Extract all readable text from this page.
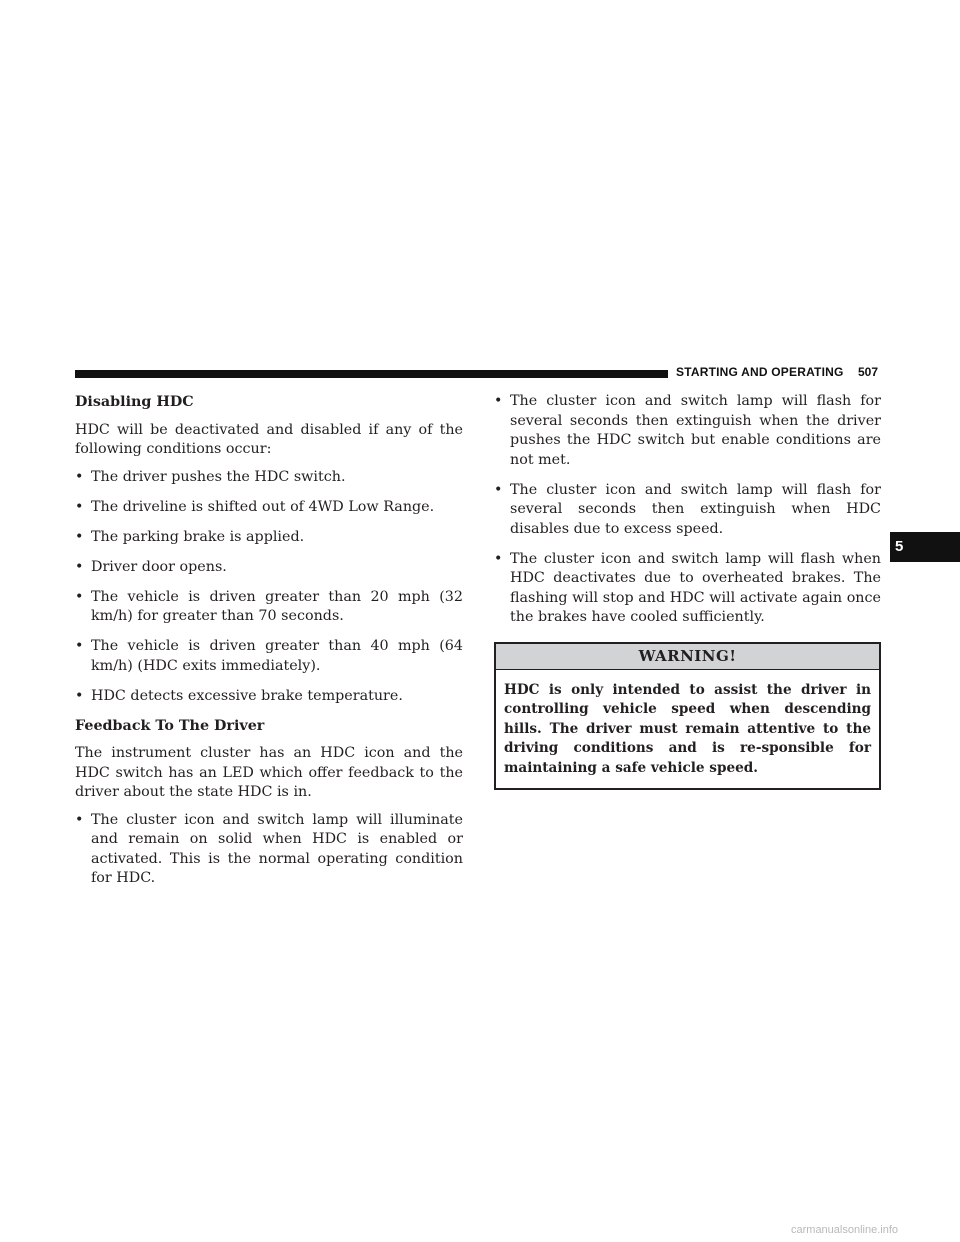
STARTING AND OPERATING 507
5

Disabling HDC

HDC will be deactivated and disabled if any of the following conditions occur:

• The driver pushes the HDC switch.

• The driveline is shifted out of 4WD Low Range.

• The parking brake is applied.

• Driver door opens.

• The vehicle is driven greater than 20 mph (32 km/h) for greater than 70 seconds.

• The vehicle is driven greater than 40 mph (64 km/h) (HDC exits immediately).

• HDC detects excessive brake temperature.

Feedback To The Driver

The instrument cluster has an HDC icon and the HDC switch has an LED which offer feedback to the driver about the state HDC is in.

• The cluster icon and switch lamp will illuminate and remain on solid when HDC is enabled or activated. This is the normal operating condition for HDC.

• The cluster icon and switch lamp will flash for several seconds then extinguish when the driver pushes the HDC switch but enable conditions are not met.

• The cluster icon and switch lamp will flash for several seconds then extinguish when HDC disables due to excess speed.

• The cluster icon and switch lamp will flash when HDC deactivates due to overheated brakes. The flashing will stop and HDC will activate again once the brakes have cooled sufficiently.

WARNING!
HDC is only intended to assist the driver in controlling vehicle speed when descending hills. The driver must remain attentive to the driving conditions and is re-sponsible for maintaining a safe vehicle speed.
carmanualsonline.info
